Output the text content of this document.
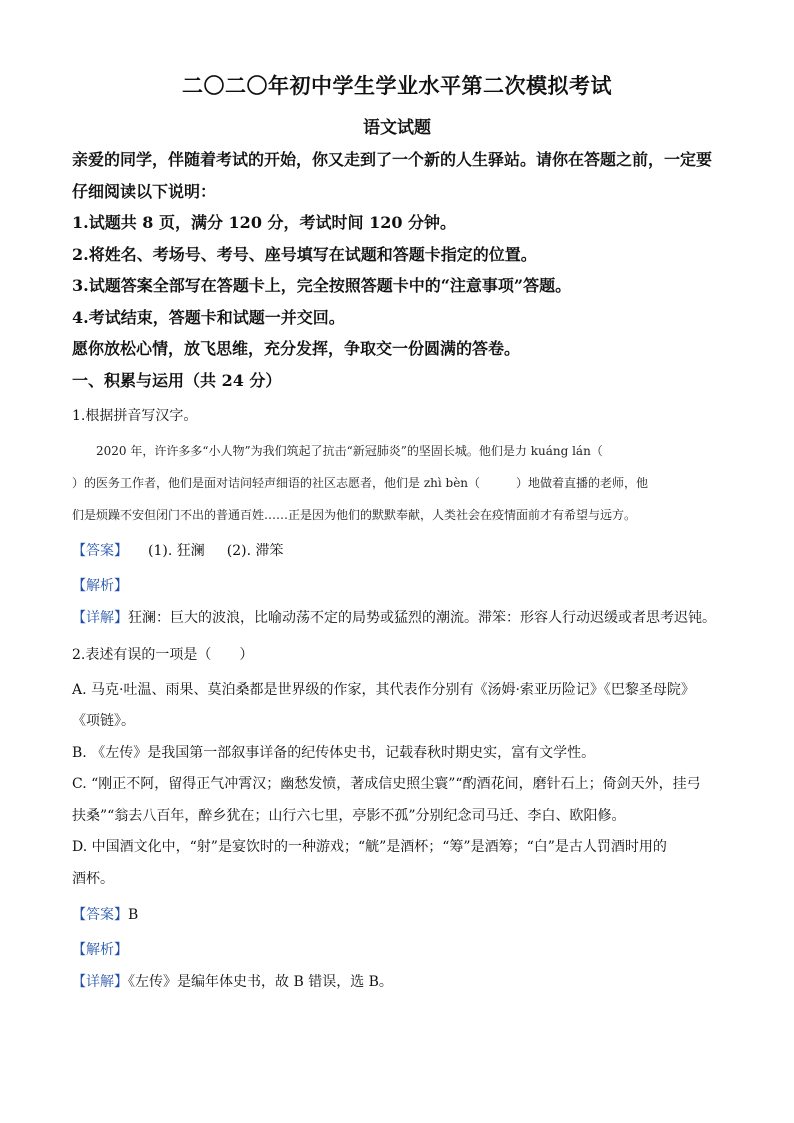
二〇二〇年初中学生学业水平第二次模拟考试
语文试题

亲爱的同学，伴随着考试的开始，你又走到了一个新的人生驿站。请你在答题之前，一定要

仔细阅读以下说明：

1.试题共 8 页，满分 120 分，考试时间 120 分钟。

2.将姓名、考场号、考号、座号填写在试题和答题卡指定的位置。

3.试题答案全部写在答题卡上，完全按照答题卡中的“注意事项”答题。

4.考试结束，答题卡和试题一并交回。

愿你放松心情，放飞思维，充分发挥，争取交一份圆满的答卷。

一、积累与运用（共 24 分）

1.根据拼音写汉字。

　　2020 年，许许多多“小人物”为我们筑起了抗击“新冠肺炎”的坚固长城。他们是力 kuáng lán（

）的医务工作者，他们是面对诘问轻声细语的社区志愿者，他们是 zhì bèn（　　　）地做着直播的老师，他

们是烦躁不安但闭门不出的普通百姓……正是因为他们的默默奉献，人类社会在疫情面前才有希望与远方。

【答案】 (1). 狂澜 (2). 滞笨

【解析】

【详解】狂澜：巨大的波浪，比喻动荡不定的局势或猛烈的潮流。滞笨：形容人行动迟缓或者思考迟钝。

2.表述有误的一项是（　　）

A. 马克·吐温、雨果、莫泊桑都是世界级的作家，其代表作分别有《汤姆·索亚历险记》《巴黎圣母院》

《项链》。

B. 《左传》是我国第一部叙事详备的纪传体史书，记载春秋时期史实，富有文学性。

C. “刚正不阿，留得正气冲霄汉；幽愁发愤，著成信史照尘寰”“酌酒花间，磨针石上；倚剑天外，挂弓

扶桑”“翁去八百年，醉乡犹在；山行六七里，亭影不孤”分别纪念司马迁、李白、欧阳修。

D. 中国酒文化中，“射”是宴饮时的一种游戏；“觥”是酒杯；“筹”是酒筹；“白”是古人罚酒时用的

酒杯。

【答案】B

【解析】

【详解】《左传》是编年体史书，故 B 错误，选 B。
